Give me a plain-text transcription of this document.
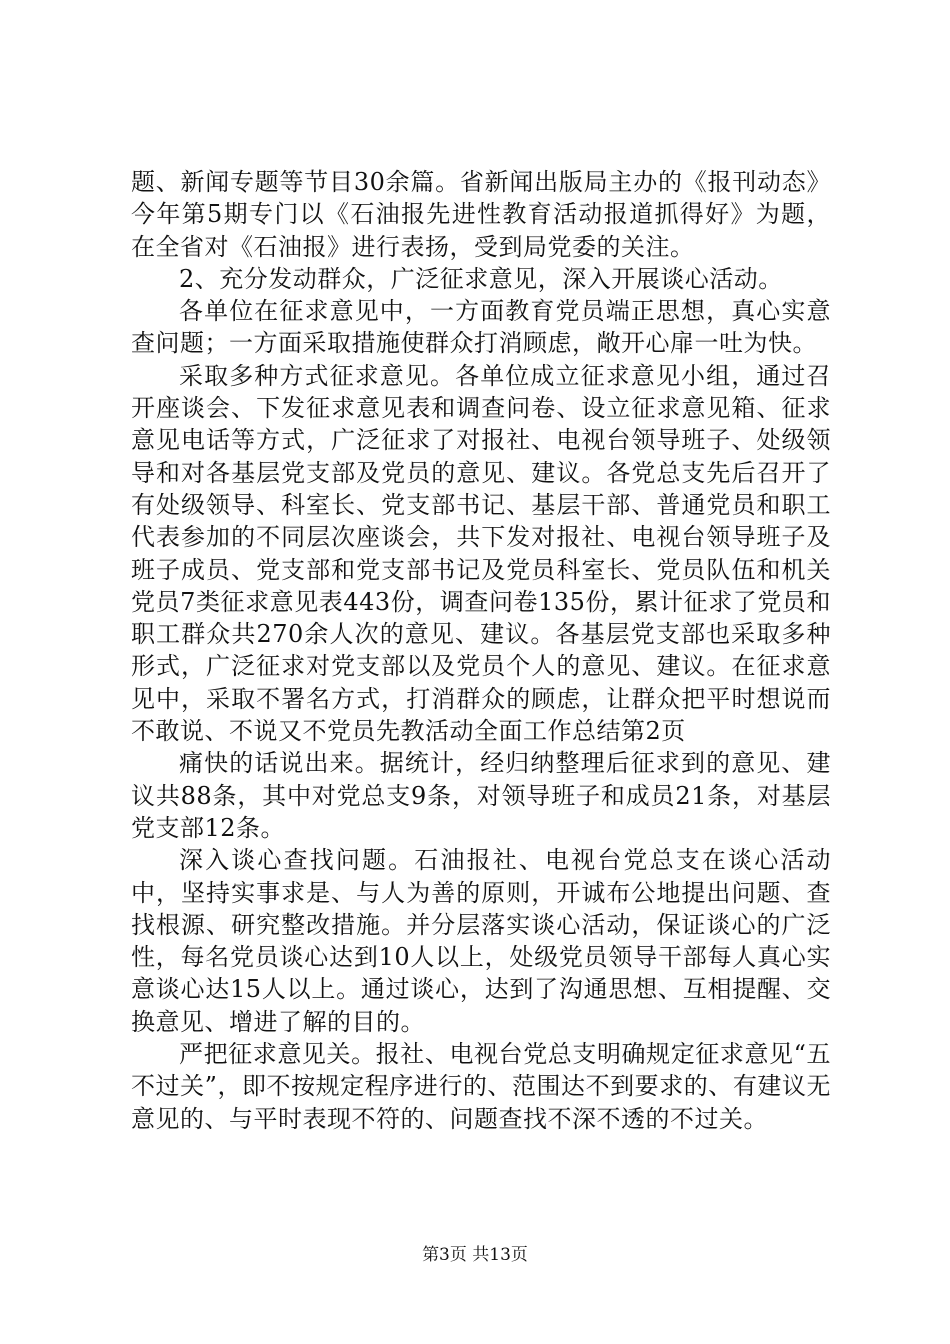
题、新闻专题等节目30余篇。省新闻出版局主办的《报刊动态》今年第5期专门以《石油报先进性教育活动报道抓得好》为题，在全省对《石油报》进行表扬，受到局党委的关注。

2、充分发动群众，广泛征求意见，深入开展谈心活动。

各单位在征求意见中，一方面教育党员端正思想，真心实意查问题；一方面采取措施使群众打消顾虑，敞开心扉一吐为快。

采取多种方式征求意见。各单位成立征求意见小组，通过召开座谈会、下发征求意见表和调查问卷、设立征求意见箱、征求意见电话等方式，广泛征求了对报社、电视台领导班子、处级领导和对各基层党支部及党员的意见、建议。各党总支先后召开了有处级领导、科室长、党支部书记、基层干部、普通党员和职工代表参加的不同层次座谈会，共下发对报社、电视台领导班子及班子成员、党支部和党支部书记及党员科室长、党员队伍和机关党员7类征求意见表443份，调查问卷135份，累计征求了党员和职工群众共270余人次的意见、建议。各基层党支部也采取多种形式，广泛征求对党支部以及党员个人的意见、建议。在征求意见中，采取不署名方式，打消群众的顾虑，让群众把平时想说而不敢说、不说又不党员先教活动全面工作总结第2页

痛快的话说出来。据统计，经归纳整理后征求到的意见、建议共88条，其中对党总支9条，对领导班子和成员21条，对基层党支部12条。

深入谈心查找问题。石油报社、电视台党总支在谈心活动中，坚持实事求是、与人为善的原则，开诚布公地提出问题、查找根源、研究整改措施。并分层落实谈心活动，保证谈心的广泛性，每名党员谈心达到10人以上，处级党员领导干部每人真心实意谈心达15人以上。通过谈心，达到了沟通思想、互相提醒、交换意见、增进了解的目的。

严把征求意见关。报社、电视台党总支明确规定征求意见“五不过关”，即不按规定程序进行的、范围达不到要求的、有建议无意见的、与平时表现不符的、问题查找不深不透的不过关。

第3页 共13页
